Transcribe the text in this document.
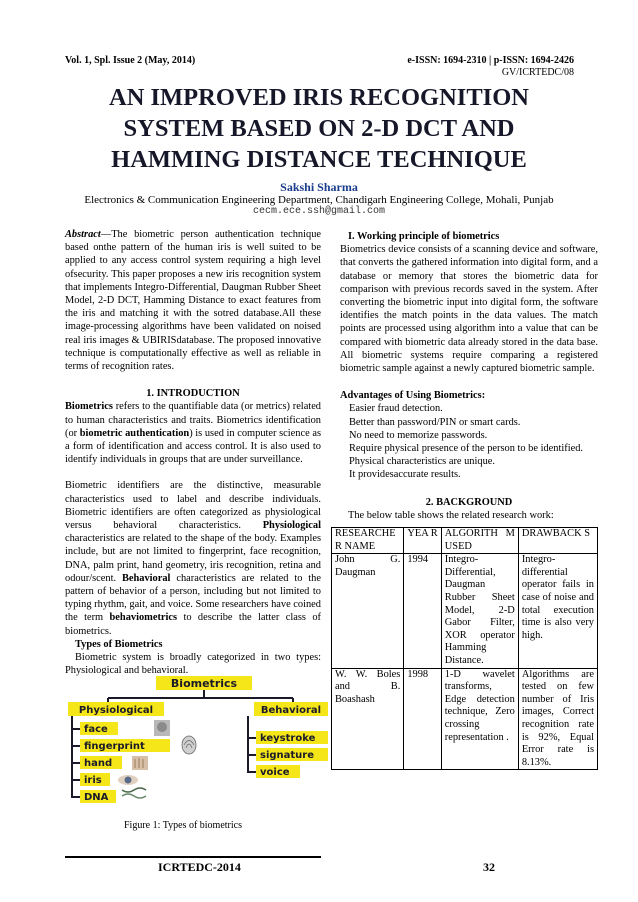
Vol. 1, Spl. Issue 2 (May, 2014)	e-ISSN: 1694-2310 | p-ISSN: 1694-2426
GV/ICRTEDC/08
AN IMPROVED IRIS RECOGNITION
SYSTEM BASED ON 2-D DCT AND
HAMMING DISTANCE TECHNIQUE
Sakshi Sharma
Electronics & Communication Engineering Department, Chandigarh Engineering College, Mohali, Punjab
cecm.ece.ssh@gmail.com

Abstract—The biometric person authentication technique based onthe pattern of the human iris is well suited to be applied to any access control system requiring a high level ofsecurity. This paper proposes a new iris recognition system that implements Integro-Differential, Daugman Rubber Sheet Model, 2-D DCT, Hamming Distance to exact features from the iris and matching it with the sotred database.All these image-processing algorithms have been validated on noised real iris images & UBIRISdatabase. The proposed innovative technique is computationally effective as well as reliable in terms of recognition rates.

1. INTRODUCTION

Biometrics refers to the quantifiable data (or metrics) related to human characteristics and traits. Biometrics identification (or biometric authentication) is used in computer science as a form of identification and access control. It is also used to identify individuals in groups that are under surveillance.

Biometric identifiers are the distinctive, measurable characteristics used to label and describe individuals. Biometric identifiers are often categorized as physiological versus behavioral characteristics. Physiological characteristics are related to the shape of the body. Examples include, but are not limited to fingerprint, face recognition, DNA, palm print, hand geometry, iris recognition, retina and odour/scent. Behavioral characteristics are related to the pattern of behavior of a person, including but not limited to typing rhythm, gait, and voice. Some researchers have coined the term behaviometrics to describe the latter class of biometrics.

Types of Biometrics

Biometric system is broadly categorized in two types: Physiological and behavioral.

Biometrics
Physiological	Behavioral
face
fingerprint
hand
iris
DNA
keystroke
signature
voice
Figure 1: Types of biometrics

I. Working principle of biometrics

Biometrics device consists of a scanning device and software, that converts the gathered information into digital form, and a database or memory that stores the biometric data for comparison with previous records saved in the system. After converting the biometric input into digital form, the software identifies the match points in the data values. The match points are processed using algorithm into a value that can be compared with biometric data already stored in the data base. All biometric systems require comparing a registered biometric sample against a newly captured biometric sample.

Advantages of Using Biometrics:

Easier fraud detection.
Better than password/PIN or smart cards.
No need to memorize passwords.
Require physical presence of the person to be identified.
Physical characteristics are unique.
It providesaccurate results.

2. BACKGROUND

The below table shows the related research work:

RESEARCHE R NAME	YEA R	ALGORITH M USED	DRAWBACK S
John G. Daugman	1994	Integro-Differential, Daugman Rubber Sheet Model, 2-D Gabor Filter, XOR operator Hamming Distance.	Integro-differential operator fails in case of noise and total execution time is also very high.
W. W. Boles and B. Boashash	1998	1-D wavelet transforms, Edge detection technique, Zero crossing representation .	Algorithms are tested on few number of Iris images, Correct recognition rate is 92%, Equal Error rate is 8.13%.
ICRTEDC-2014	32
